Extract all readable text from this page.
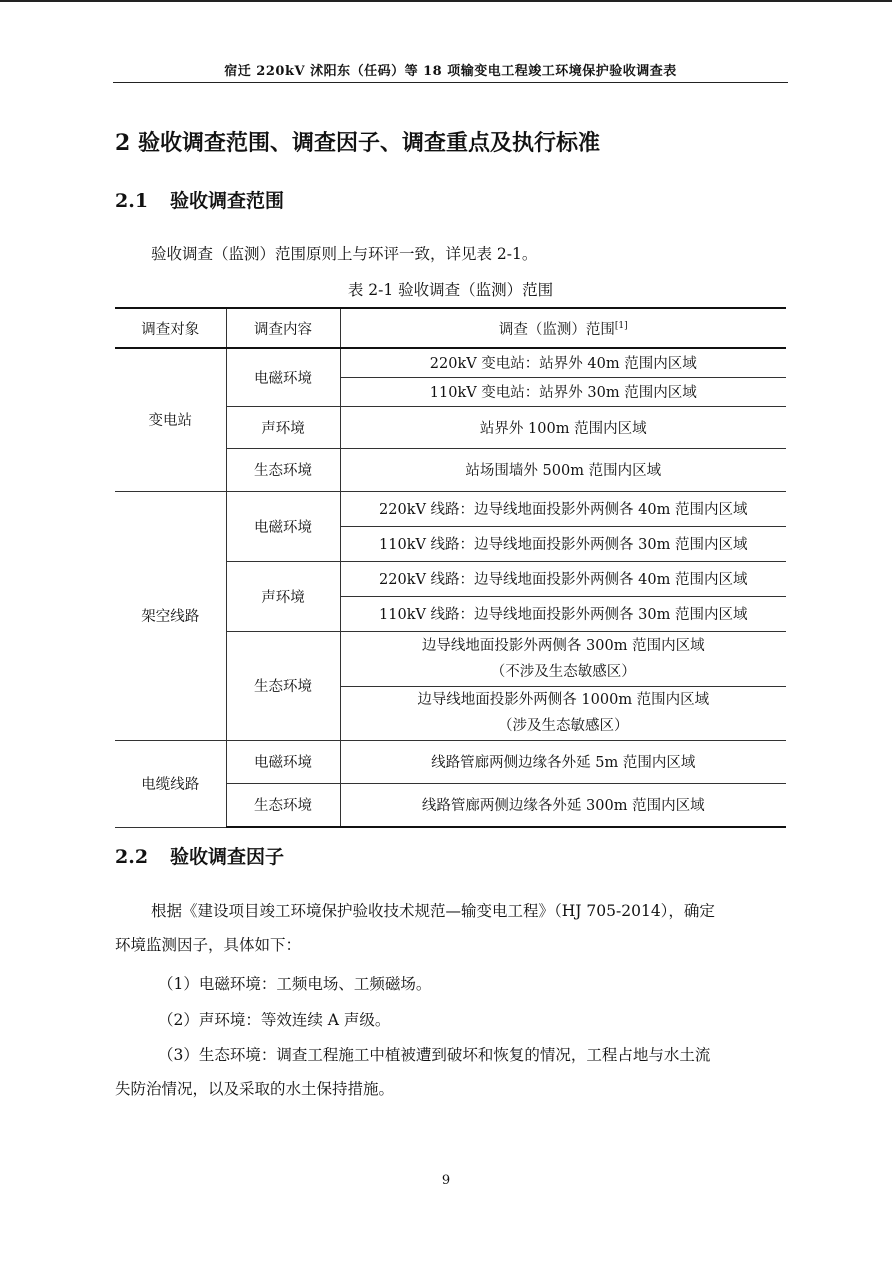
宿迁 220kV 沭阳东（任码）等 18 项输变电工程竣工环境保护验收调查表
2 验收调查范围、调查因子、调查重点及执行标准
2.1 验收调查范围

验收调查（监测）范围原则上与环评一致，详见表 2-1。

表 2-1 验收调查（监测）范围
调查对象	调查内容	调查（监测）范围[1]
变电站	电磁环境	220kV 变电站：站界外 40m 范围内区域
		110kV 变电站：站界外 30m 范围内区域
	声环境	站界外 100m 范围内区域
	生态环境	站场围墙外 500m 范围内区域
架空线路	电磁环境	220kV 线路：边导线地面投影外两侧各 40m 范围内区域
		110kV 线路：边导线地面投影外两侧各 30m 范围内区域
	声环境	220kV 线路：边导线地面投影外两侧各 40m 范围内区域
		110kV 线路：边导线地面投影外两侧各 30m 范围内区域
	生态环境	边导线地面投影外两侧各 300m 范围内区域
（不涉及生态敏感区）

		边导线地面投影外两侧各 1000m 范围内区域
（涉及生态敏感区）

电缆线路	电磁环境	线路管廊两侧边缘各外延 5m 范围内区域
	生态环境	线路管廊两侧边缘各外延 300m 范围内区域
2.2 验收调查因子

根据《建设项目竣工环境保护验收技术规范—输变电工程》（HJ 705-2014），确定

环境监测因子，具体如下：

（1）电磁环境：工频电场、工频磁场。

（2）声环境：等效连续 A 声级。

（3）生态环境：调查工程施工中植被遭到破坏和恢复的情况，工程占地与水土流

失防治情况，以及采取的水土保持措施。

9
